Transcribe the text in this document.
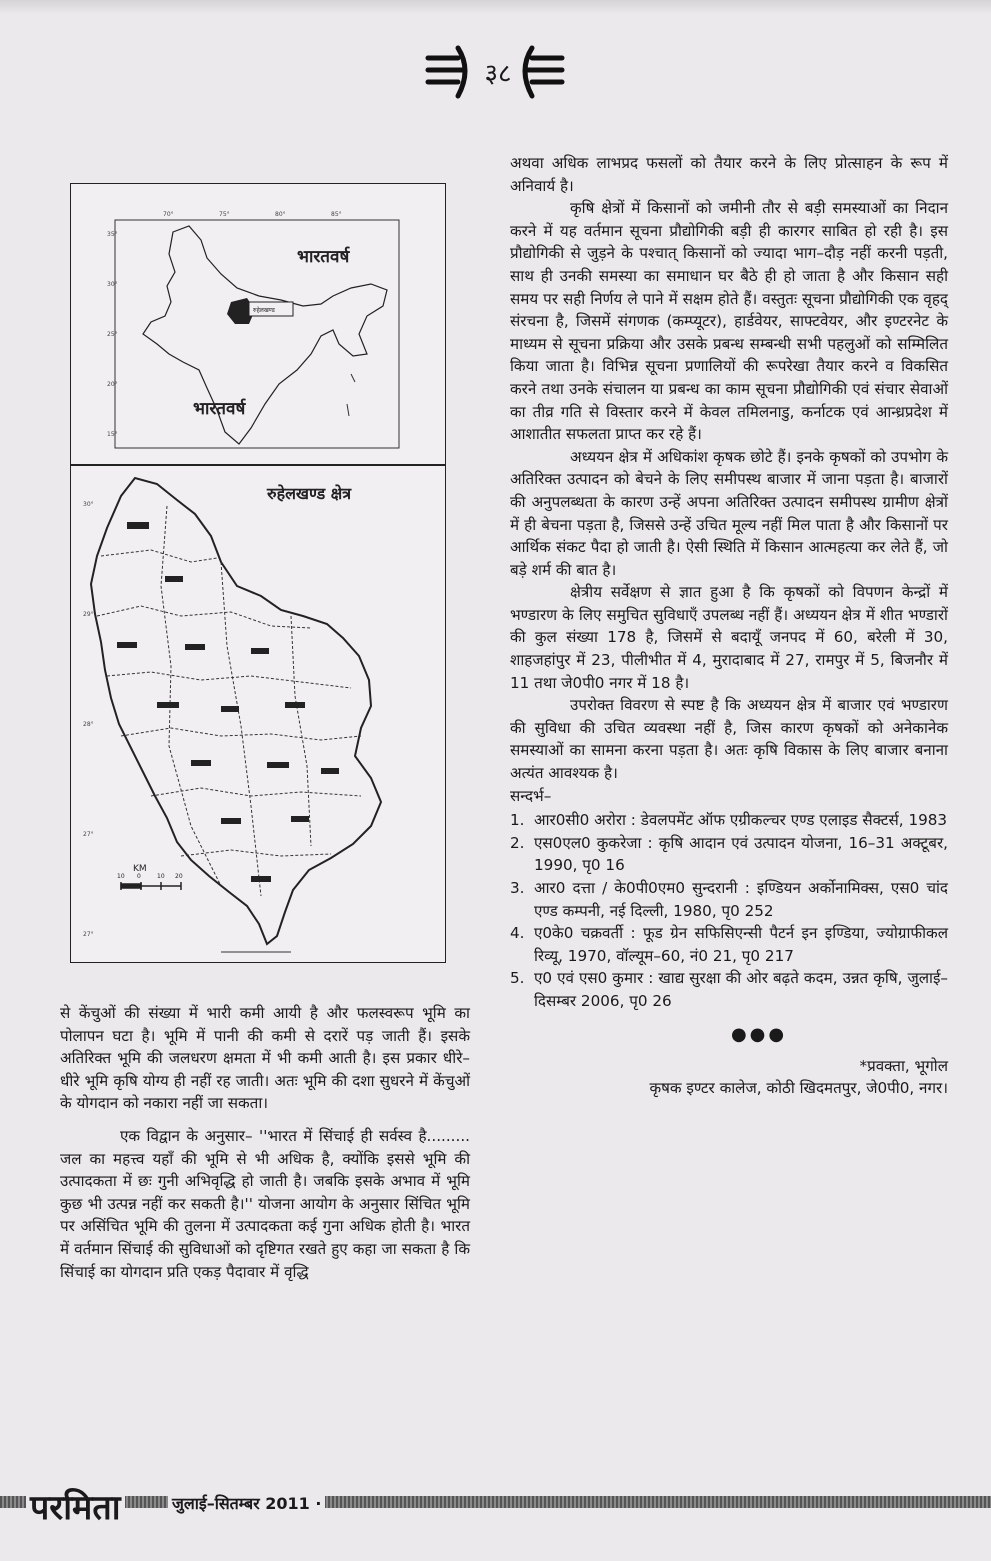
३८
35°
30°
25°
20°
15°
70°	75°	80°	85°
रुहेलखण्ड
भारतवर्ष
भारतवर्ष
30°
29°
28°
27°
27°
10 0	10 20
रुहेलखण्ड क्षेत्र
KM

अथवा अधिक लाभप्रद फसलों को तैयार करने के लिए प्रोत्साहन के रूप में अनिवार्य है।

कृषि क्षेत्रों में किसानों को जमीनी तौर से बड़ी समस्याओं का निदान करने में यह वर्तमान सूचना प्रौद्योगिकी बड़ी ही कारगर साबित हो रही है। इस प्रौद्योगिकी से जुड़ने के पश्चात् किसानों को ज्यादा भाग–दौड़ नहीं करनी पड़ती, साथ ही उनकी समस्या का समाधान घर बैठे ही हो जाता है और किसान सही समय पर सही निर्णय ले पाने में सक्षम होते हैं। वस्तुतः सूचना प्रौद्योगिकी एक वृहद् संरचना है, जिसमें संगणक (कम्प्यूटर), हार्डवेयर, साफ्टवेयर, और इण्टरनेट के माध्यम से सूचना प्रक्रिया और उसके प्रबन्ध सम्बन्धी सभी पहलुओं को सम्मिलित किया जाता है। विभिन्न सूचना प्रणालियों की रूपरेखा तैयार करने व विकसित करने तथा उनके संचालन या प्रबन्ध का काम सूचना प्रौद्योगिकी एवं संचार सेवाओं का तीव्र गति से विस्तार करने में केवल तमिलनाडु, कर्नाटक एवं आन्ध्रप्रदेश में आशातीत सफलता प्राप्त कर रहे हैं।

अध्ययन क्षेत्र में अधिकांश कृषक छोटे हैं। इनके कृषकों को उपभोग के अतिरिक्त उत्पादन को बेचने के लिए समीपस्थ बाजार में जाना पड़ता है। बाजारों की अनुपलब्धता के कारण उन्हें अपना अतिरिक्त उत्पादन समीपस्थ ग्रामीण क्षेत्रों में ही बेचना पड़ता है, जिससे उन्हें उचित मूल्य नहीं मिल पाता है और किसानों पर आर्थिक संकट पैदा हो जाती है। ऐसी स्थिति में किसान आत्महत्या कर लेते हैं, जो बड़े शर्म की बात है।

क्षेत्रीय सर्वेक्षण से ज्ञात हुआ है कि कृषकों को विपणन केन्द्रों में भण्डारण के लिए समुचित सुविधाएँ उपलब्ध नहीं हैं। अध्ययन क्षेत्र में शीत भण्डारों की कुल संख्या 178 है, जिसमें से बदायूँ जनपद में 60, बरेली में 30, शाहजहांपुर में 23, पीलीभीत में 4, मुरादाबाद में 27, रामपुर में 5, बिजनौर में 11 तथा जे0पी0 नगर में 18 है।

उपरोक्त विवरण से स्पष्ट है कि अध्ययन क्षेत्र में बाजार एवं भण्डारण की सुविधा की उचित व्यवस्था नहीं है, जिस कारण कृषकों को अनेकानेक समस्याओं का सामना करना पड़ता है। अतः कृषि विकास के लिए बाजार बनाना अत्यंत आवश्यक है।

सन्दर्भ–

1. आर0सी0 अरोरा : डेवलपमेंट ऑफ एग्रीकल्चर एण्ड एलाइड सैक्टर्स, 1983
2. एस0एल0 कुकरेजा : कृषि आदान एवं उत्पादन योजना, 16–31 अक्टूबर, 1990, पृ0 16
3. आर0 दत्ता / के0पी0एम0 सुन्दरानी : इण्डियन अर्कोनामिक्स, एस0 चांद एण्ड कम्पनी, नई दिल्ली, 1980, पृ0 252
4. ए0के0 चक्रवर्ती : फूड ग्रेन सफिसिएन्सी पैटर्न इन इण्डिया, ज्योग्राफीकल रिव्यू, 1970, वॉल्यूम–60, नं0 21, पृ0 217
5. ए0 एवं एस0 कुमार : खाद्य सुरक्षा की ओर बढ़ते कदम, उन्नत कृषि, जुलाई–दिसम्बर 2006, पृ0 26
●●●
*प्रवक्ता, भूगोल
कृषक इण्टर कालेज, कोठी खिदमतपुर, जे0पी0, नगर।

से केंचुओं की संख्या में भारी कमी आयी है और फलस्वरूप भूमि का पोलापन घटा है। भूमि में पानी की कमी से दरारें पड़ जाती हैं। इसके अतिरिक्त भूमि की जलधरण क्षमता में भी कमी आती है। इस प्रकार धीरे–धीरे भूमि कृषि योग्य ही नहीं रह जाती। अतः भूमि की दशा सुधरने में केंचुओं के योगदान को नकारा नहीं जा सकता।

एक विद्वान के अनुसार– ''भारत में सिंचाई ही सर्वस्व है......... जल का महत्त्व यहाँ की भूमि से भी अधिक है, क्योंकि इससे भूमि की उत्पादकता में छः गुनी अभिवृद्धि हो जाती है। जबकि इसके अभाव में भूमि कुछ भी उत्पन्न नहीं कर सकती है।'' योजना आयोग के अनुसार सिंचित भूमि पर असिंचित भूमि की तुलना में उत्पादकता कई गुना अधिक होती है। भारत में वर्तमान सिंचाई की सुविधाओं को दृष्टिगत रखते हुए कहा जा सकता है कि सिंचाई का योगदान प्रति एकड़ पैदावार में वृद्धि

परमिता	जुलाई–सितम्बर 2011 ·
